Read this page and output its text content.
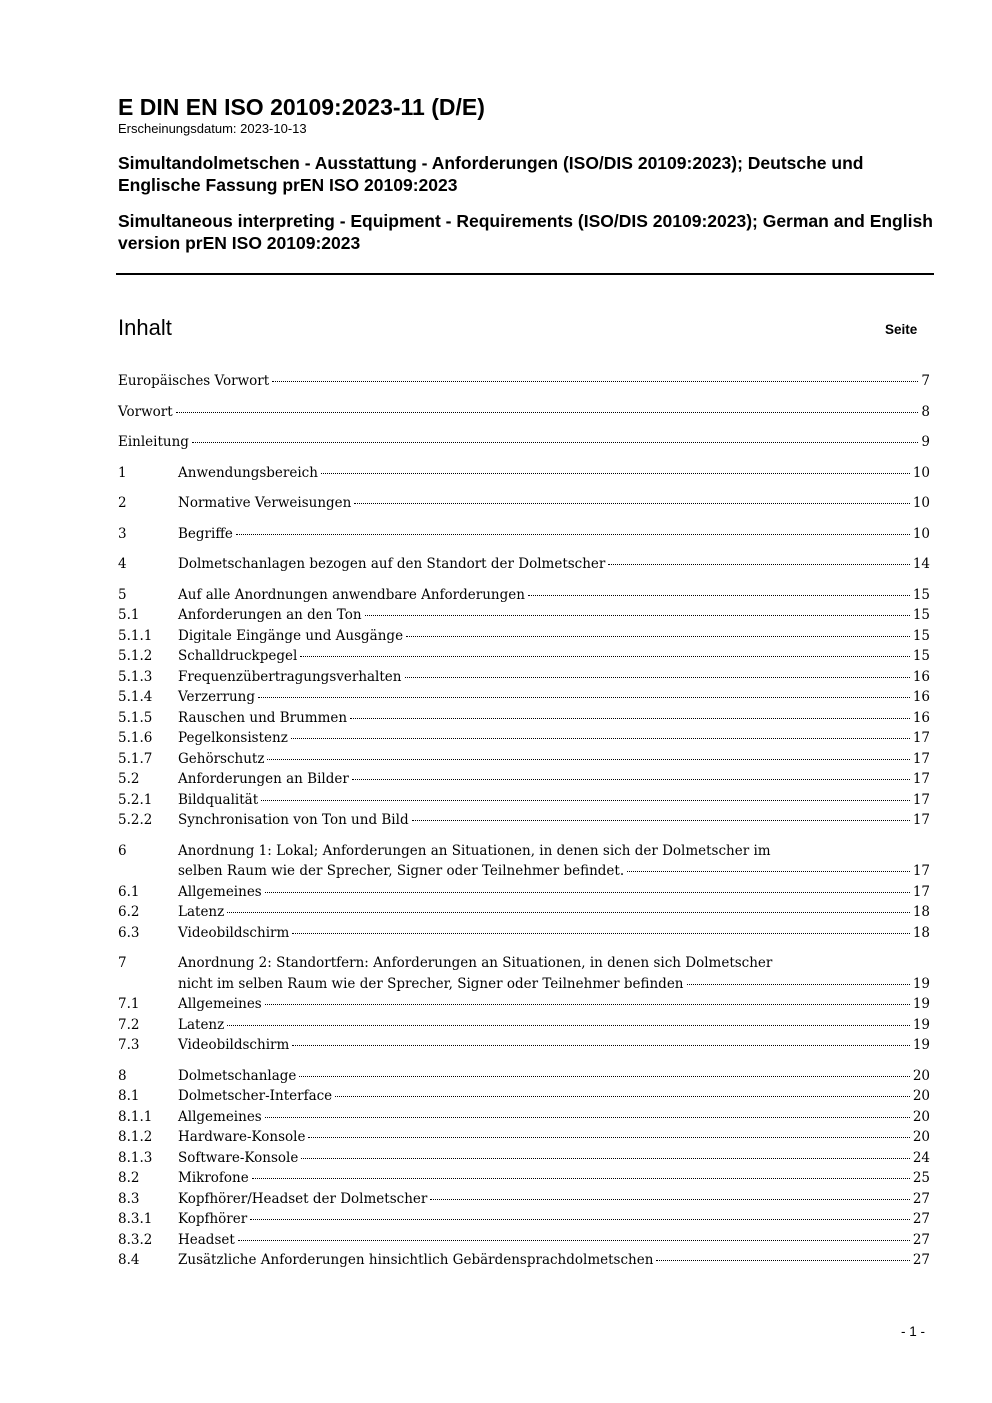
E DIN EN ISO 20109:2023-11 (D/E)

Erscheinungsdatum: 2023-10-13

Simultandolmetschen - Ausstattung - Anforderungen (ISO/DIS 20109:2023); Deutsche und Englische Fassung prEN ISO 20109:2023

Simultaneous interpreting - Equipment - Requirements (ISO/DIS 20109:2023); German and English version prEN ISO 20109:2023

Inhalt	Seite
Europäisches Vorwort	7
Vorwort	8
Einleitung	9
1	Anwendungsbereich	10
2	Normative Verweisungen	10
3	Begriffe	10
4	Dolmetschanlagen bezogen auf den Standort der Dolmetscher	14
5	Auf alle Anordnungen anwendbare Anforderungen	15
5.1	Anforderungen an den Ton	15
5.1.1	Digitale Eingänge und Ausgänge	15
5.1.2	Schalldruckpegel	15
5.1.3	Frequenzübertragungsverhalten	16
5.1.4	Verzerrung	16
5.1.5	Rauschen und Brummen	16
5.1.6	Pegelkonsistenz	17
5.1.7	Gehörschutz	17
5.2	Anforderungen an Bilder	17
5.2.1	Bildqualität	17
5.2.2	Synchronisation von Ton und Bild	17
6	Anordnung 1: Lokal; Anforderungen an Situationen, in denen sich der Dolmetscher im
selben Raum wie der Sprecher, Signer oder Teilnehmer befindet.	17
6.1	Allgemeines	17
6.2	Latenz	18
6.3	Videobildschirm	18
7	Anordnung 2: Standortfern: Anforderungen an Situationen, in denen sich Dolmetscher
nicht im selben Raum wie der Sprecher, Signer oder Teilnehmer befinden	19
7.1	Allgemeines	19
7.2	Latenz	19
7.3	Videobildschirm	19
8	Dolmetschanlage	20
8.1	Dolmetscher-Interface	20
8.1.1	Allgemeines	20
8.1.2	Hardware-Konsole	20
8.1.3	Software-Konsole	24
8.2	Mikrofone	25
8.3	Kopfhörer/Headset der Dolmetscher	27
8.3.1	Kopfhörer	27
8.3.2	Headset	27
8.4	Zusätzliche Anforderungen hinsichtlich Gebärdensprachdolmetschen	27
- 1 -
